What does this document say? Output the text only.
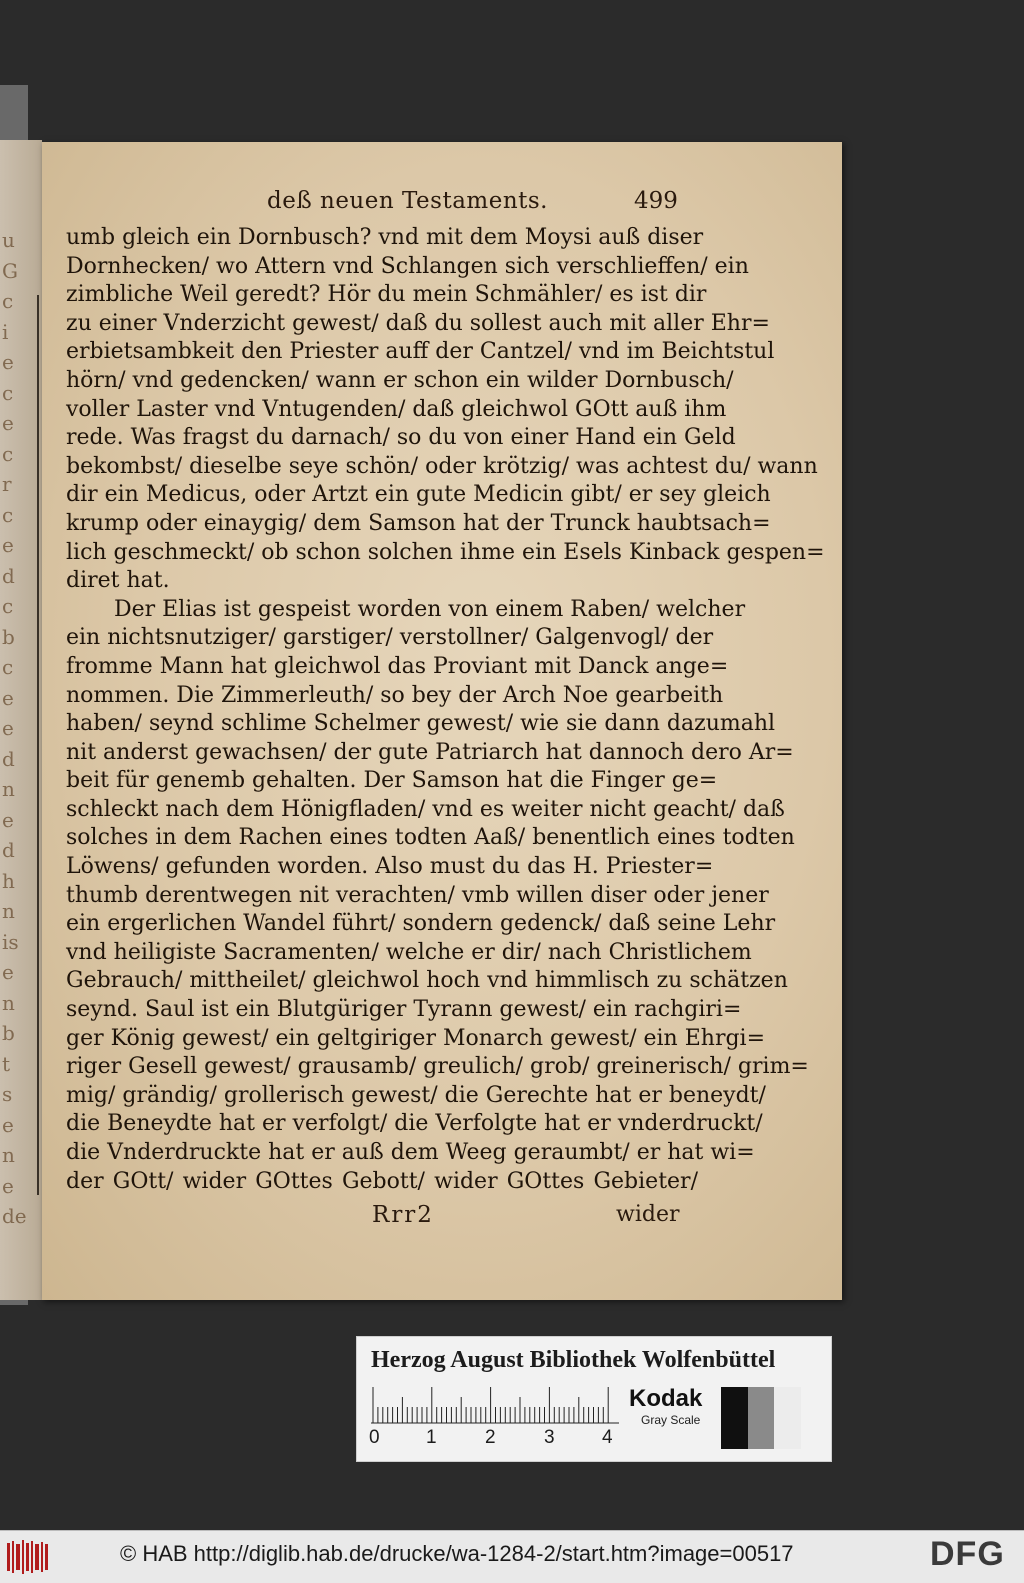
u
G
c
i
e
c
e
c
r
c
e
d
c
b
c
e
e
d
n
e
d
h
n
is
e
n
b
t
s
e
n
e
de
deß neuen Testaments.	499
umb gleich ein Dornbusch? vnd mit dem Moysi auß diser
Dornhecken/ wo Attern vnd Schlangen sich verschlieffen/ ein
zimbliche Weil geredt? Hör du mein Schmähler/ es ist dir
zu einer Vnderzicht gewest/ daß du sollest auch mit aller Ehr=
erbietsambkeit den Priester auff der Cantzel/ vnd im Beichtstul
hörn/ vnd gedencken/ wann er schon ein wilder Dornbusch/
voller Laster vnd Vntugenden/ daß gleichwol GOtt auß ihm
rede. Was fragst du darnach/ so du von einer Hand ein Geld
bekombst/ dieselbe seye schön/ oder krötzig/ was achtest du/ wann
dir ein Medicus, oder Artzt ein gute Medicin gibt/ er sey gleich
krump oder einaygig/ dem Samson hat der Trunck haubtsach=
lich geschmeckt/ ob schon solchen ihme ein Esels Kinback gespen=
diret hat.
Der Elias ist gespeist worden von einem Raben/ welcher
ein nichtsnutziger/ garstiger/ verstollner/ Galgenvogl/ der
fromme Mann hat gleichwol das Proviant mit Danck ange=
nommen. Die Zimmerleuth/ so bey der Arch Noe gearbeith
haben/ seynd schlime Schelmer gewest/ wie sie dann dazumahl
nit anderst gewachsen/ der gute Patriarch hat dannoch dero Ar=
beit für genemb gehalten. Der Samson hat die Finger ge=
schleckt nach dem Hönigfladen/ vnd es weiter nicht geacht/ daß
solches in dem Rachen eines todten Aaß/ benentlich eines todten
Löwens/ gefunden worden. Also must du das H. Priester=
thumb derentwegen nit verachten/ vmb willen diser oder jener
ein ergerlichen Wandel führt/ sondern gedenck/ daß seine Lehr
vnd heiligiste Sacramenten/ welche er dir/ nach Christlichem
Gebrauch/ mittheilet/ gleichwol hoch vnd himmlisch zu schätzen
seynd. Saul ist ein Blutgüriger Tyrann gewest/ ein rachgiri=
ger König gewest/ ein geltgiriger Monarch gewest/ ein Ehrgi=
riger Gesell gewest/ grausamb/ greulich/ grob/ greinerisch/ grim=
mig/ grändig/ grollerisch gewest/ die Gerechte hat er beneydt/
die Beneydte hat er verfolgt/ die Verfolgte hat er vnderdruckt/
die Vnderdruckte hat er auß dem Weeg geraumbt/ er hat wi=
der GOtt/ wider GOttes Gebott/ wider GOttes Gebieter/
Rrr2	wider
Herzog August Bibliothek Wolfenbüttel
0 1	2	3 4
Kodak
Gray Scale
© HAB http://diglib.hab.de/drucke/wa-1284-2/start.htm?image=00517	DFG
